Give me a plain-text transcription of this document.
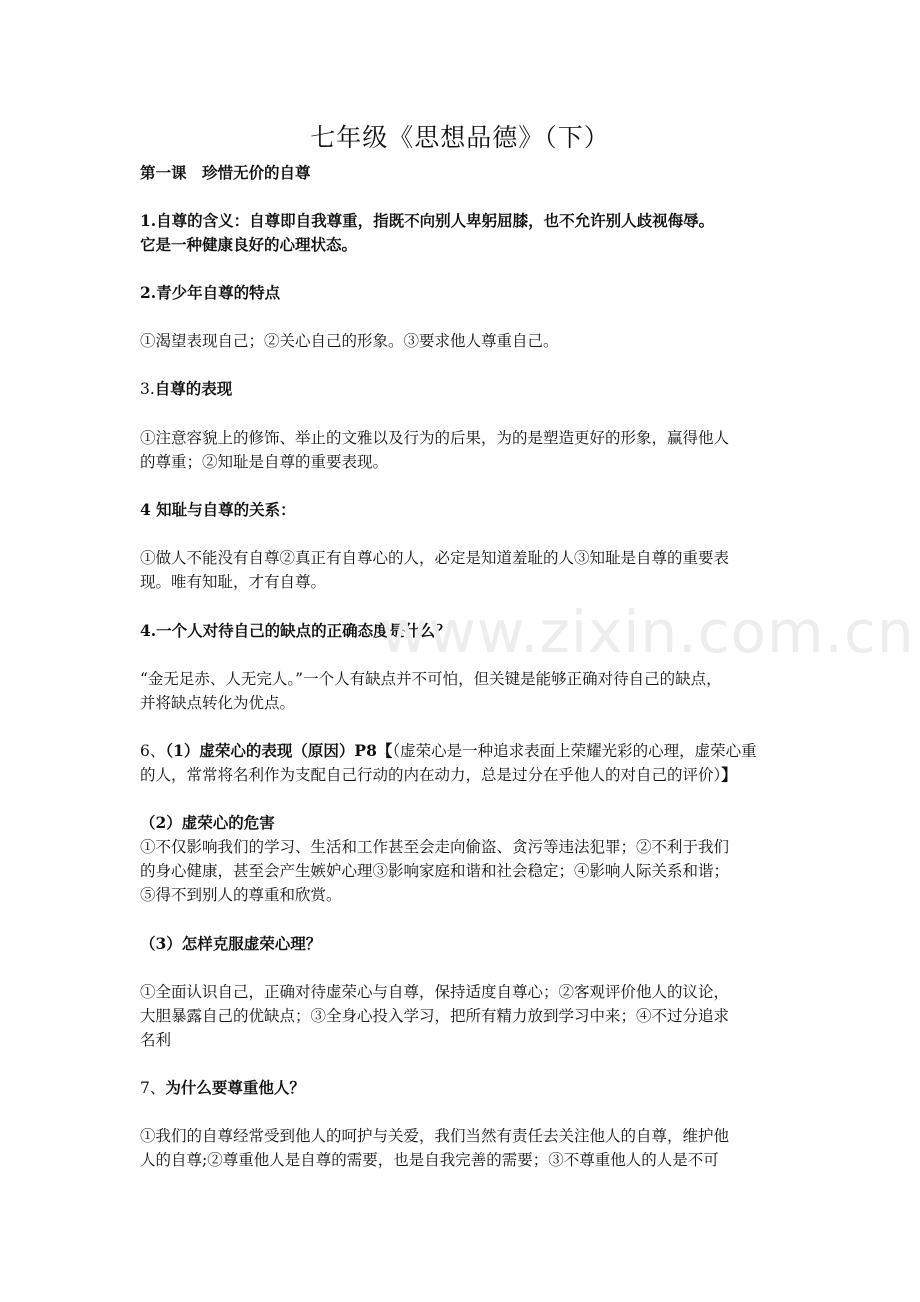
七年级《思想品德》（下）
第一课　珍惜无价的自尊
1.自尊的含义：自尊即自我尊重，指既不向别人卑躬屈膝，也不允许别人歧视侮辱。
它是一种健康良好的心理状态。
2.青少年自尊的特点
①渴望表现自己；②关心自己的形象。③要求他人尊重自己。
3.自尊的表现
①注意容貌上的修饰、举止的文雅以及行为的后果，为的是塑造更好的形象，赢得他人
的尊重；②知耻是自尊的重要表现。
4 知耻与自尊的关系：
①做人不能没有自尊②真正有自尊心的人，必定是知道羞耻的人③知耻是自尊的重要表
现。唯有知耻，才有自尊。
4.一个人对待自己的缺点的正确态度是什么？
“金无足赤、人无完人。”一个人有缺点并不可怕，但关键是能够正确对待自己的缺点，
并将缺点转化为优点。
6、（1）虚荣心的表现（原因）P8【（虚荣心是一种追求表面上荣耀光彩的心理，虚荣心重
的人，常常将名利作为支配自己行动的内在动力，总是过分在乎他人的对自己的评价）】
（2）虚荣心的危害
①不仅影响我们的学习、生活和工作甚至会走向偷盗、贪污等违法犯罪；②不利于我们
的身心健康，甚至会产生嫉妒心理③影响家庭和谐和社会稳定；④影响人际关系和谐；
⑤得不到别人的尊重和欣赏。
（3）怎样克服虚荣心理？
①全面认识自己，正确对待虚荣心与自尊，保持适度自尊心；②客观评价他人的议论，
大胆暴露自己的优缺点；③全身心投入学习，把所有精力放到学习中来；④不过分追求
名利
7、为什么要尊重他人？
①我们的自尊经常受到他人的呵护与关爱，我们当然有责任去关注他人的自尊，维护他
人的自尊;②尊重他人是自尊的需要，也是自我完善的需要；③不尊重他人的人是不可
www.zixin.com.cn
